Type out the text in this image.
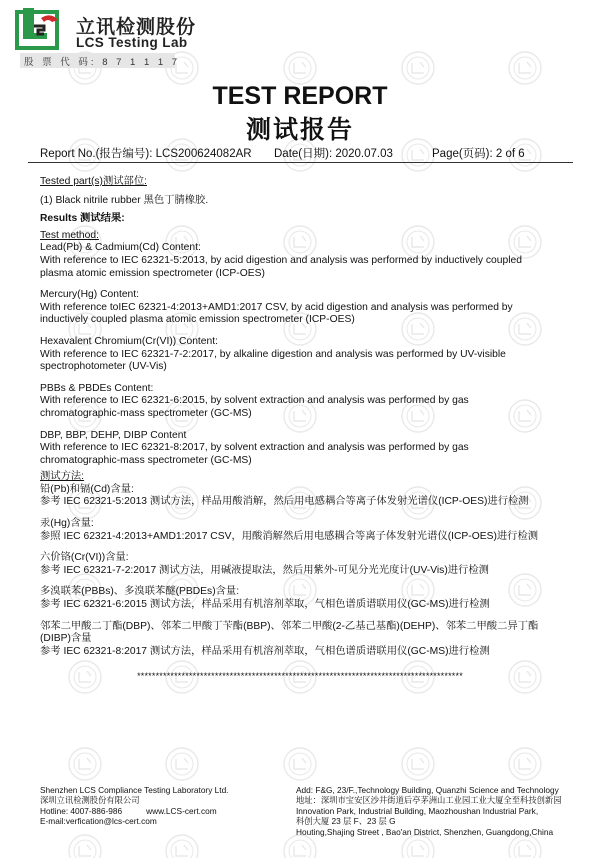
立讯检测股份
LCS Testing Lab
股 票 代 码: 8 7 1 1 1 7
TEST REPORT
测试报告
Report No.(报告编号): LCS200624082AR Date(日期): 2020.07.03	Page(页码): 2 of 6
Tested part(s)测试部位:
(1) Black nitrile rubber 黑色丁腈橡胶.
Results 测试结果:
Test method:
Lead(Pb) & Cadmium(Cd) Content:
With reference to IEC 62321-5:2013, by acid digestion and analysis was performed by inductively coupled
plasma atomic emission spectrometer (ICP-OES)
Mercury(Hg) Content:
With reference toIEC 62321-4:2013+AMD1:2017 CSV, by acid digestion and analysis was performed by
inductively coupled plasma atomic emission spectrometer (ICP-OES)
Hexavalent Chromium(Cr(VI)) Content:
With reference to IEC 62321-7-2:2017, by alkaline digestion and analysis was performed by UV-visible
spectrophotometer (UV-Vis)
PBBs & PBDEs Content:
With reference to IEC 62321-6:2015, by solvent extraction and analysis was performed by gas
chromatographic-mass spectrometer (GC-MS)
DBP, BBP, DEHP, DIBP Content
With reference to IEC 62321-8:2017, by solvent extraction and analysis was performed by gas
chromatographic-mass spectrometer (GC-MS)
测试方法:
铅(Pb)和镉(Cd)含量:
参考 IEC 62321-5:2013 测试方法，样品用酸消解，然后用电感耦合等离子体发射光谱仪(ICP-OES)进行检测
汞(Hg)含量:
参照 IEC 62321-4:2013+AMD1:2017 CSV，用酸消解然后用电感耦合等离子体发射光谱仪(ICP-OES)进行检测
六价铬(Cr(VI))含量:
参考 IEC 62321-7-2:2017 测试方法，用碱液提取法，然后用紫外-可见分光光度计(UV-Vis)进行检测
多溴联苯(PBBs)、多溴联苯醚(PBDEs)含量:
参考 IEC 62321-6:2015 测试方法，样品采用有机溶剂萃取，气相色谱质谱联用仪(GC-MS)进行检测
邻苯二甲酸二丁酯(DBP)、邻苯二甲酸丁苄酯(BBP)、邻苯二甲酸(2-乙基己基酯)(DEHP)、邻苯二甲酸二异丁酯
(DIBP)含量
参考 IEC 62321-8:2017 测试方法，样品采用有机溶剂萃取，气相色谱质谱联用仪(GC-MS)进行检测
****************************************************************************************
Shenzhen LCS Compliance Testing Laboratory Ltd.
深圳立讯检测股份有限公司
Hotline: 4007-886-986	www.LCS-cert.com
E-mail:verfication@lcs-cert.com
Add: F&G, 23/F.,Technology Building, Quanzhi Science and Technology
地址：深圳市宝安区沙井街道后亭茅洲山工业园工业大厦全至科技创新园
Innovation Park, Industrial Building, Maozhoushan Industrial Park,
科创大厦 23 层 F、23 层 G
Houting,Shajing Street , Bao'an District, Shenzhen, Guangdong,China
